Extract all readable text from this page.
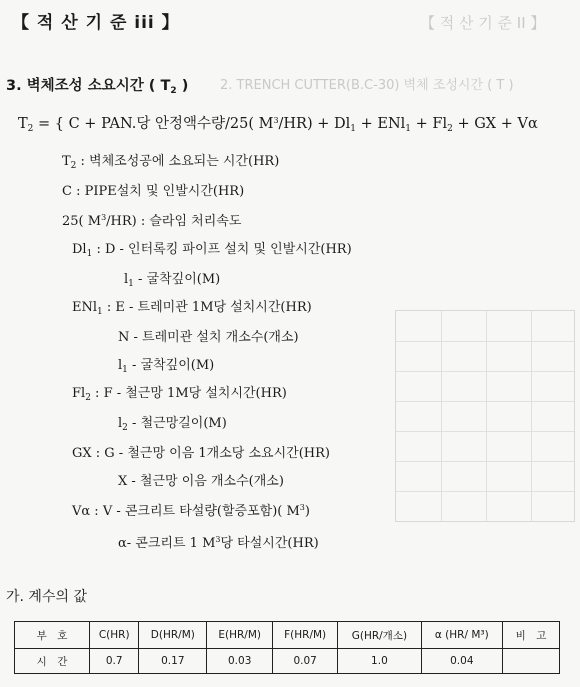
【 적 산 기 준 II 】
2. TRENCH CUTTER(B.C-30) 벽체 조성시간 ( T )
【 적 산 기 준 iii 】
3. 벽체조성 소요시간 ( $T_2$ )
$T_2$ = { C + PAN.당 안정액수량/25( $M^3/HR) + Dl_1 + ENl_1 + Fl_2$ + GX + Vα
$T_2$ : 벽체조성공에 소요되는 시간(HR)
C : PIPE설치 및 인발시간(HR)
25( $M^3/HR$) : 슬라임 처리속도
$Dl_1$ : D - 인터록킹 파이프 설치 및 인발시간(HR)
$l_1$ - 굴착깊이(M)
ENl$_1$ : E - 트레미관 1M당 설치시간(HR)
N - 트레미관 설치 개소수(개소)
$l_1$ - 굴착깊이(M)
$Fl_2$ : F - 철근망 1M당 설치시간(HR)
$l_2$ - 철근망길이(M)
GX : G - 철근망 이음 1개소당 소요시간(HR)
X - 철근망 이음 개소수(개소)
Vα : V - 콘크리트 타설량(할증포함)( $M^3$)
α- 콘크리트 1 $M^3$당 타설시간(HR)
가. 계수의 값
부　호	C(HR)	D(HR/M)	E(HR/M)	F(HR/M)	G(HR/개소)	α (HR/ M³)	비　고
시　간	0.7	0.17	0.03	0.07	1.0	0.04	
